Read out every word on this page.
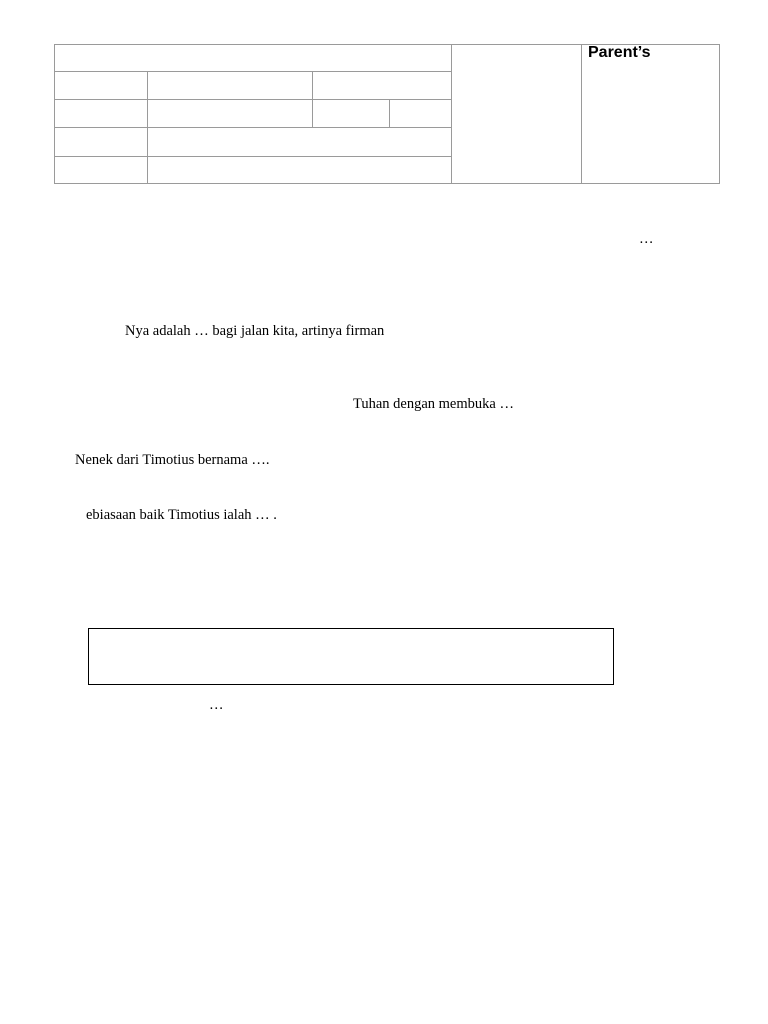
Parent’s
…
Nya adalah … bagi jalan kita, artinya firman
Tuhan dengan membuka …
Nenek dari Timotius bernama ….
ebiasaan baik Timotius ialah … .
…
